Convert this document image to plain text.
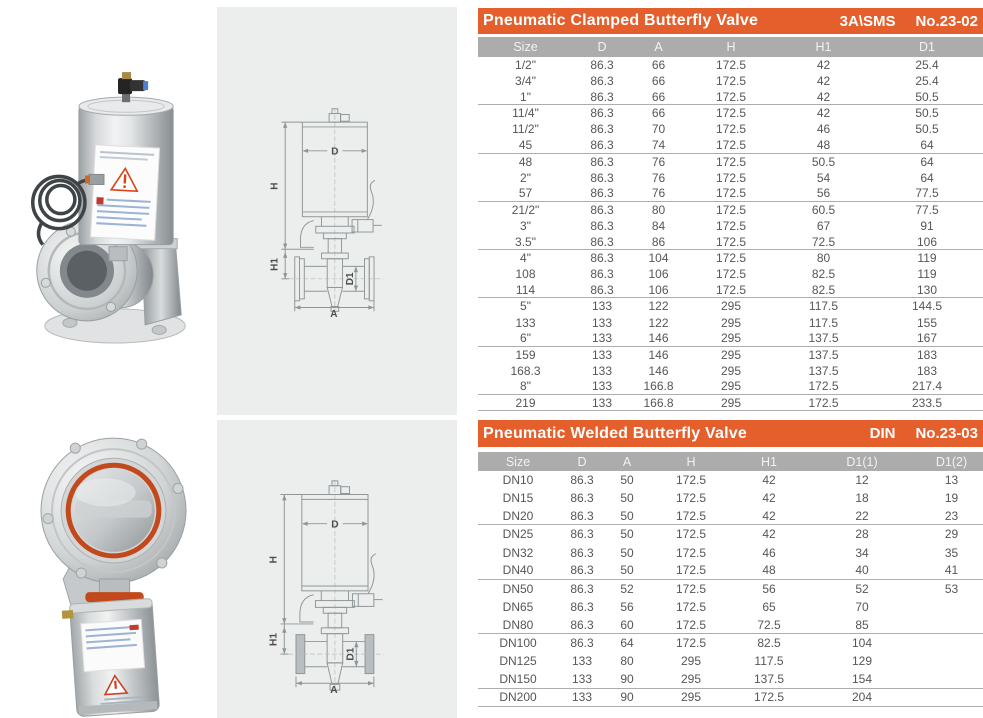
D
H
H1
D1
A
D
H
H1
D1
A
Pneumatic Clamped Butterfly Valve	3A\SMS No.23-02
Size	D	A	H	H1	D1
1/2"	86.3	66	172.5	42	25.4
3/4"	86.3	66	172.5	42	25.4
1"	86.3	66	172.5	42	50.5
11/4"	86.3	66	172.5	42	50.5
11/2"	86.3	70	172.5	46	50.5
45	86.3	74	172.5	48	64
48	86.3	76	172.5	50.5	64
2"	86.3	76	172.5	54	64
57	86.3	76	172.5	56	77.5
21/2"	86.3	80	172.5	60.5	77.5
3"	86.3	84	172.5	67	91
3.5"	86.3	86	172.5	72.5	106
4"	86.3	104	172.5	80	119
108	86.3	106	172.5	82.5	119
114	86.3	106	172.5	82.5	130
5"	133	122	295	117.5	144.5
133	133	122	295	117.5	155
6"	133	146	295	137.5	167
159	133	146	295	137.5	183
168.3	133	146	295	137.5	183
8"	133	166.8	295	172.5	217.4
219	133	166.8	295	172.5	233.5
Pneumatic Welded Butterfly Valve	DIN No.23-03
Size	D	A	H	H1	D1(1)	D1(2)
DN10	86.3	50	172.5	42	12	13
DN15	86.3	50	172.5	42	18	19
DN20	86.3	50	172.5	42	22	23
DN25	86.3	50	172.5	42	28	29
DN32	86.3	50	172.5	46	34	35
DN40	86.3	50	172.5	48	40	41
DN50	86.3	52	172.5	56	52	53
DN65	86.3	56	172.5	65	70
DN80	86.3	60	172.5	72.5	85
DN100	86.3	64	172.5	82.5	104
DN125	133	80	295	117.5	129
DN150	133	90	295	137.5	154
DN200	133	90	295	172.5	204
